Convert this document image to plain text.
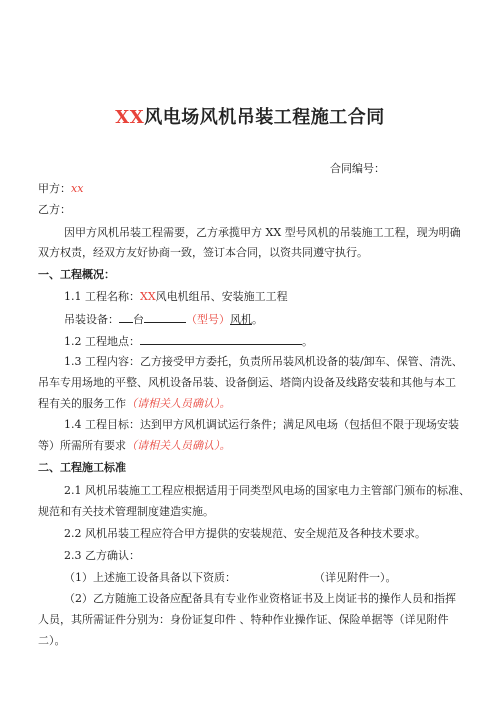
XX风电场风机吊装工程施工合同
合同编号：
甲方：xx
乙方：
因甲方风机吊装工程需要，乙方承揽甲方 XX 型号风机的吊装施工工程，现为明确
双方权责，经双方友好协商一致，签订本合同，以资共同遵守执行。
一、工程概况：
1.1 工程名称：XX风电机组吊、安装施工工程
吊装设备： 台	（型号）风机。
1.2 工程地点：	。
1.3 工程内容：乙方接受甲方委托，负责所吊装风机设备的装/卸车、保管、清洗、
吊车专用场地的平整、风机设备吊装、设备倒运、塔筒内设备及线路安装和其他与本工
程有关的服务工作（请相关人员确认）。
1.4 工程目标：达到甲方风机调试运行条件；满足风电场（包括但不限于现场安装
等）所需所有要求（请相关人员确认）。
二、工程施工标准
2.1 风机吊装施工工程应根据适用于同类型风电场的国家电力主管部门颁布的标准、
规范和有关技术管理制度建造实施。
2.2 风机吊装工程应符合甲方提供的安装规范、安全规范及各种技术要求。
2.3 乙方确认：
（1）上述施工设备具备以下资质：	（详见附件一）。
（2）乙方随施工设备应配备具有专业作业资格证书及上岗证书的操作人员和指挥
人员，其所需证件分别为：身份证复印件 、特种作业操作证、保险单据等（详见附件
二）。
